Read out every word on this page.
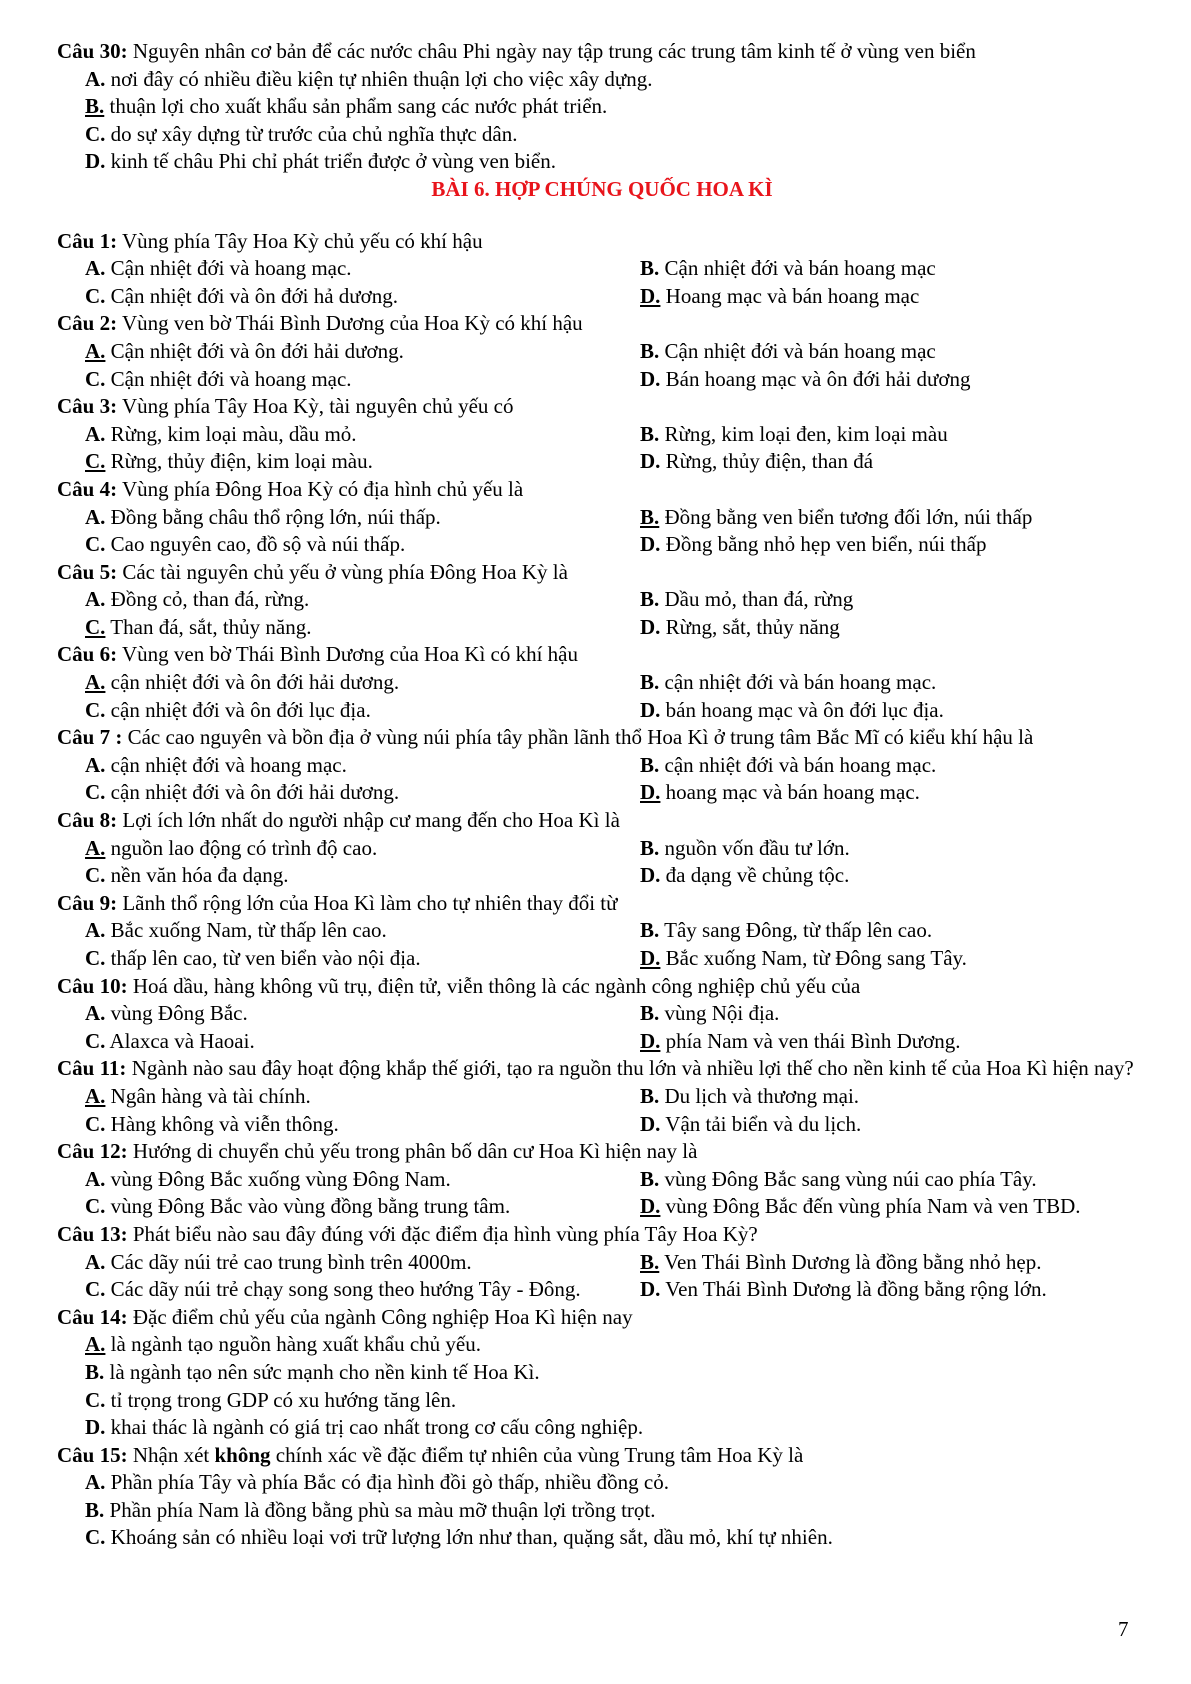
Câu 30: Nguyên nhân cơ bản để các nước châu Phi ngày nay tập trung các trung tâm kinh tế ở vùng ven biển

A. nơi đây có nhiều điều kiện tự nhiên thuận lợi cho việc xây dựng.
B. thuận lợi cho xuất khẩu sản phẩm sang các nước phát triển.
C. do sự xây dựng từ trước của chủ nghĩa thực dân.
D. kinh tế châu Phi chỉ phát triển được ở vùng ven biển.
BÀI 6. HỢP CHÚNG QUỐC HOA KÌ

Câu 1: Vùng phía Tây Hoa Kỳ chủ yếu có khí hậu

A. Cận nhiệt đới và hoang mạc.	B. Cận nhiệt đới và bán hoang mạc
C. Cận nhiệt đới và ôn đới hả dương.	D. Hoang mạc và bán hoang mạc

Câu 2: Vùng ven bờ Thái Bình Dương của Hoa Kỳ có khí hậu

A. Cận nhiệt đới và ôn đới hải dương.	B. Cận nhiệt đới và bán hoang mạc
C. Cận nhiệt đới và hoang mạc.	D. Bán hoang mạc và ôn đới hải dương

Câu 3: Vùng phía Tây Hoa Kỳ, tài nguyên chủ yếu có

A. Rừng, kim loại màu, dầu mỏ.	B. Rừng, kim loại đen, kim loại màu
C. Rừng, thủy điện, kim loại màu.	D. Rừng, thủy điện, than đá

Câu 4: Vùng phía Đông Hoa Kỳ có địa hình chủ yếu là

A. Đồng bằng châu thổ rộng lớn, núi thấp.	B. Đồng bằng ven biển tương đối lớn, núi thấp
C. Cao nguyên cao, đồ sộ và núi thấp.	D. Đồng bằng nhỏ hẹp ven biển, núi thấp

Câu 5: Các tài nguyên chủ yếu ở vùng phía Đông Hoa Kỳ là

A. Đồng cỏ, than đá, rừng.	B. Dầu mỏ, than đá, rừng
C. Than đá, sắt, thủy năng.	D. Rừng, sắt, thủy năng

Câu 6: Vùng ven bờ Thái Bình Dương của Hoa Kì có khí hậu

A. cận nhiệt đới và ôn đới hải dương.	B. cận nhiệt đới và bán hoang mạc.
C. cận nhiệt đới và ôn đới lục địa.	D. bán hoang mạc và ôn đới lục địa.

Câu 7 : Các cao nguyên và bồn địa ở vùng núi phía tây phần lãnh thổ Hoa Kì ở trung tâm Bắc Mĩ có kiểu khí hậu là

A. cận nhiệt đới và hoang mạc.	B. cận nhiệt đới và bán hoang mạc.
C. cận nhiệt đới và ôn đới hải dương.	D. hoang mạc và bán hoang mạc.

Câu 8: Lợi ích lớn nhất do người nhập cư mang đến cho Hoa Kì là

A. nguồn lao động có trình độ cao.	B. nguồn vốn đầu tư lớn.
C. nền văn hóa đa dạng.	D. đa dạng về chủng tộc.

Câu 9: Lãnh thổ rộng lớn của Hoa Kì làm cho tự nhiên thay đổi từ

A. Bắc xuống Nam, từ thấp lên cao.	B. Tây sang Đông, từ thấp lên cao.
C. thấp lên cao, từ ven biển vào nội địa.	D. Bắc xuống Nam, từ Đông sang Tây.

Câu 10: Hoá dầu, hàng không vũ trụ, điện tử, viễn thông là các ngành công nghiệp chủ yếu của

A. vùng Đông Bắc.	B. vùng Nội địa.
C. Alaxca và Haoai.	D. phía Nam và ven thái Bình Dương.

Câu 11: Ngành nào sau đây hoạt động khắp thế giới, tạo ra nguồn thu lớn và nhiều lợi thế cho nền kinh tế của Hoa Kì hiện nay?

A. Ngân hàng và tài chính.	B. Du lịch và thương mại.
C. Hàng không và viễn thông.	D. Vận tải biển và du lịch.

Câu 12: Hướng di chuyển chủ yếu trong phân bố dân cư Hoa Kì hiện nay là

A. vùng Đông Bắc xuống vùng Đông Nam.	B. vùng Đông Bắc sang vùng núi cao phía Tây.
C. vùng Đông Bắc vào vùng đồng bằng trung tâm.	D. vùng Đông Bắc đến vùng phía Nam và ven TBD.

Câu 13: Phát biểu nào sau đây đúng với đặc điểm địa hình vùng phía Tây Hoa Kỳ?

A. Các dãy núi trẻ cao trung bình trên 4000m.	B. Ven Thái Bình Dương là đồng bằng nhỏ hẹp.
C. Các dãy núi trẻ chạy song song theo hướng Tây - Đông.	D. Ven Thái Bình Dương là đồng bằng rộng lớn.

Câu 14: Đặc điểm chủ yếu của ngành Công nghiệp Hoa Kì hiện nay

A. là ngành tạo nguồn hàng xuất khẩu chủ yếu.
B. là ngành tạo nên sức mạnh cho nền kinh tế Hoa Kì.
C. tỉ trọng trong GDP có xu hướng tăng lên.
D. khai thác là ngành có giá trị cao nhất trong cơ cấu công nghiệp.

Câu 15: Nhận xét không chính xác về đặc điểm tự nhiên của vùng Trung tâm Hoa Kỳ là

A. Phần phía Tây và phía Bắc có địa hình đồi gò thấp, nhiều đồng cỏ.
B. Phần phía Nam là đồng bằng phù sa màu mỡ thuận lợi trồng trọt.
C. Khoáng sản có nhiều loại vơi trữ lượng lớn như than, quặng sắt, dầu mỏ, khí tự nhiên.
7
